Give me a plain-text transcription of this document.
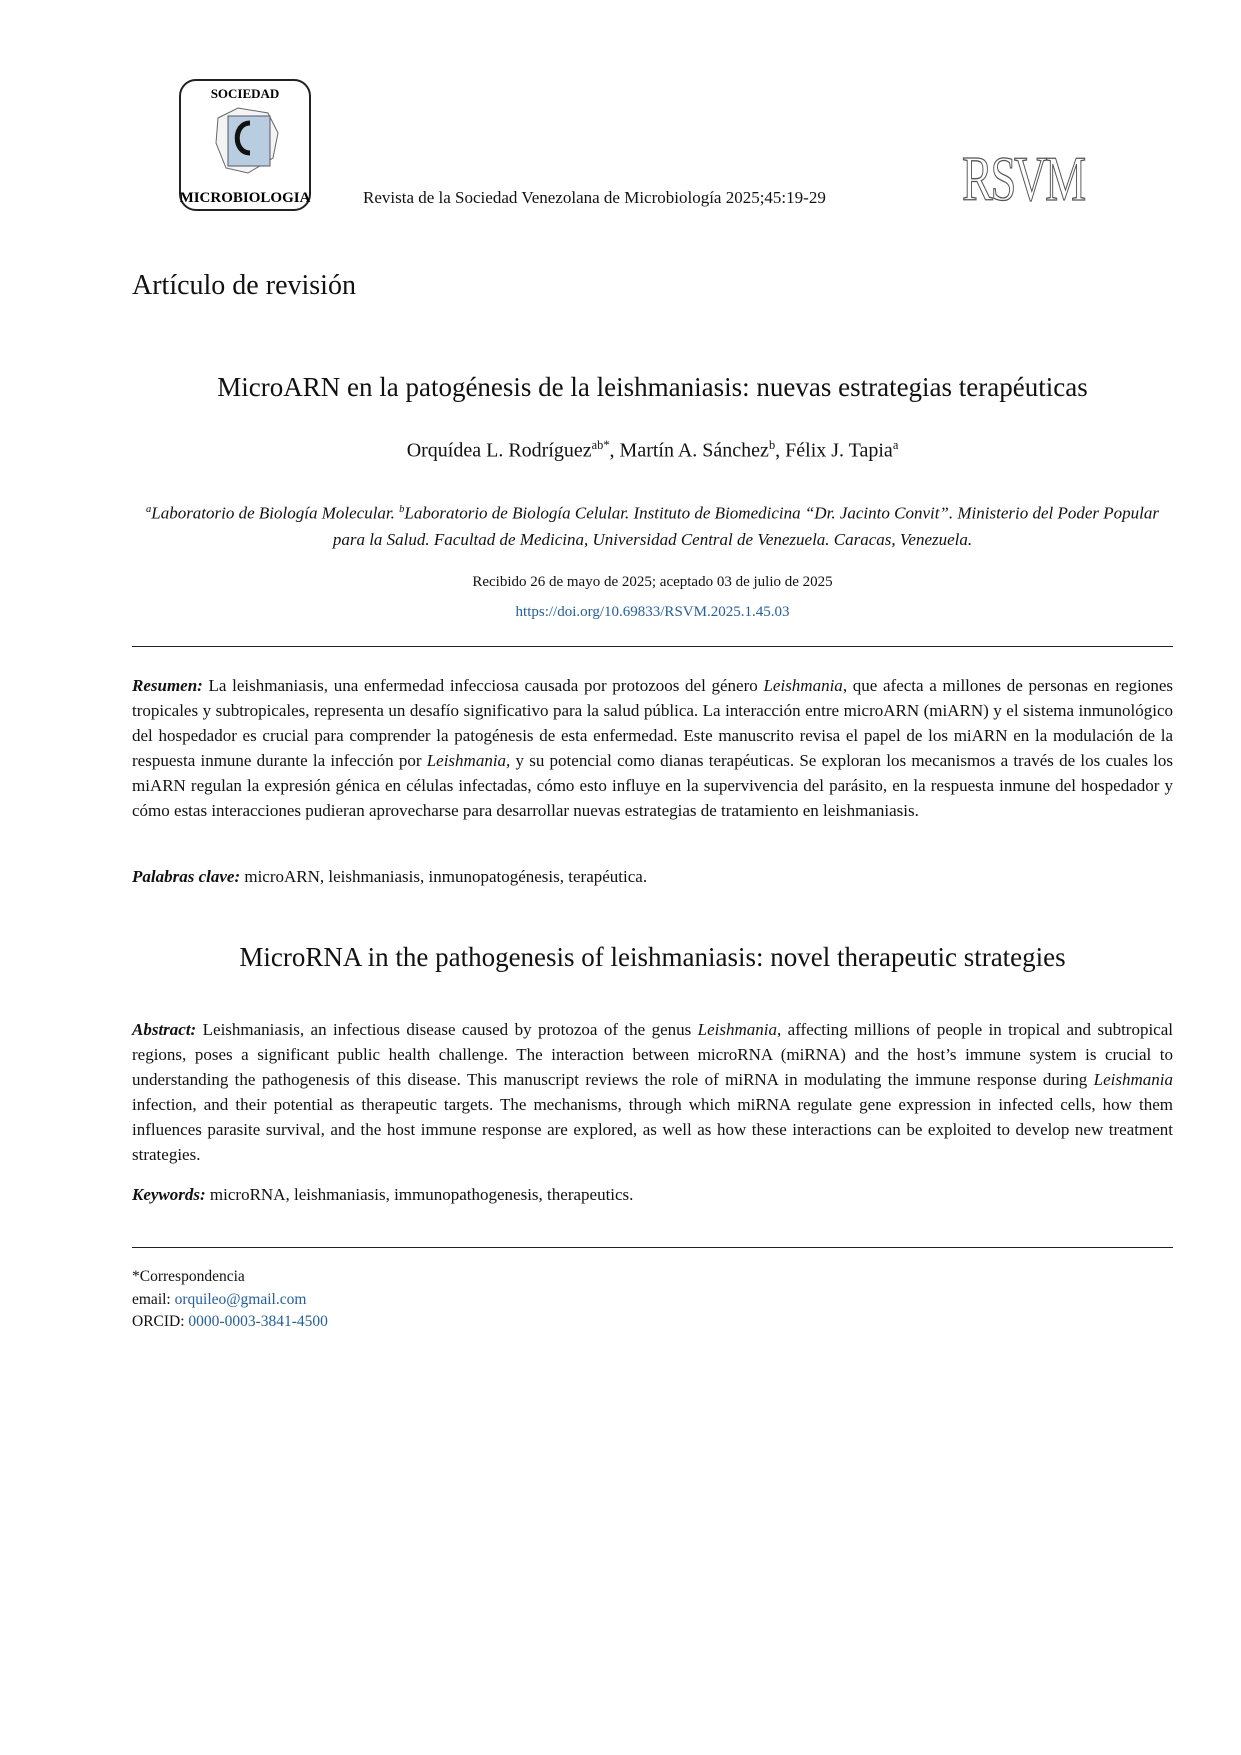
SOCIEDAD
MICROBIOLOGIA	Revista de la Sociedad Venezolana de Microbiología 2025;45:19-29 RSVM
Artículo de revisión
MicroARN en la patogénesis de la leishmaniasis: nuevas estrategias terapéuticas
Orquídea L. Rodríguez$^{ab*}$, Martín A. Sánchez$^b$, Félix J. Tapia$^a$
$^a$Laboratorio de Biología Molecular. $^b$Laboratorio de Biología Celular. Instituto de Biomedicina “Dr. Jacinto Convit”. Ministerio del Poder Popular para la Salud. Facultad de Medicina, Universidad Central de Venezuela. Caracas, Venezuela.
Recibido 26 de mayo de 2025; aceptado 03 de julio de 2025
https://doi.org/10.69833/RSVM.2025.1.45.03
Resumen: La leishmaniasis, una enfermedad infecciosa causada por protozoos del género Leishmania, que afecta a millones de personas en regiones tropicales y subtropicales, representa un desafío significativo para la salud pública. La interacción entre microARN (miARN) y el sistema inmunológico del hospedador es crucial para comprender la patogénesis de esta enfermedad. Este manuscrito revisa el papel de los miARN en la modulación de la respuesta inmune durante la infección por Leishmania, y su potencial como dianas terapéuticas. Se exploran los mecanismos a través de los cuales los miARN regulan la expresión génica en células infectadas, cómo esto influye en la supervivencia del parásito, en la respuesta inmune del hospedador y cómo estas interacciones pudieran aprovecharse para desarrollar nuevas estrategias de tratamiento en leishmaniasis.
Palabras clave: microARN, leishmaniasis, inmunopatogénesis, terapéutica.
MicroRNA in the pathogenesis of leishmaniasis: novel therapeutic strategies
Abstract: Leishmaniasis, an infectious disease caused by protozoa of the genus Leishmania, affecting millions of people in tropical and subtropical regions, poses a significant public health challenge. The interaction between microRNA (miRNA) and the host’s immune system is crucial to understanding the pathogenesis of this disease. This manuscript reviews the role of miRNA in modulating the immune response during Leishmania infection, and their potential as therapeutic targets. The mechanisms, through which miRNA regulate gene expression in infected cells, how them influences parasite survival, and the host immune response are explored, as well as how these interactions can be exploited to develop new treatment strategies.
Keywords: microRNA, leishmaniasis, immunopathogenesis, therapeutics.
*Correspondencia
email: orquileo@gmail.com
ORCID: 0000-0003-3841-4500
